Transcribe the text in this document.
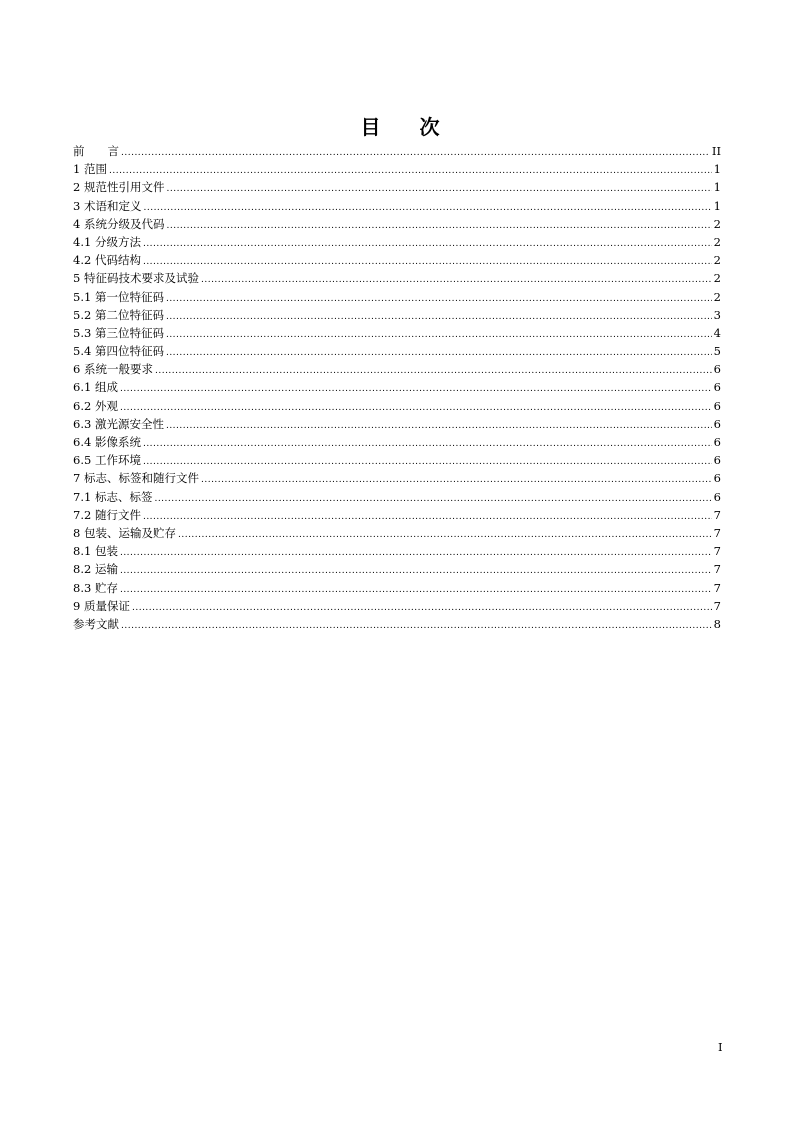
目 次
前　　言 .....	II
1 范围 .....	1
2 规范性引用文件 .....	1
3 术语和定义 .....	1
4 系统分级及代码 .....	2
4.1 分级方法 .....	2
4.2 代码结构 .....	2
5 特征码技术要求及试验 .....	2
5.1 第一位特征码 .....	2
5.2 第二位特征码 .....	3
5.3 第三位特征码 .....	4
5.4 第四位特征码 .....	5
6 系统一般要求 .....	6
6.1 组成 .....	6
6.2 外观 .....	6
6.3 激光源安全性 .....	6
6.4 影像系统 .....	6
6.5 工作环境 .....	6
7 标志、标签和随行文件 .....	6
7.1 标志、标签 .....	6
7.2 随行文件 .....	7
8 包装、运输及贮存 .....	7
8.1 包装 .....	7
8.2 运输 .....	7
8.3 贮存 .....	7
9 质量保证 .....	7
参考文献 .....	8
I
